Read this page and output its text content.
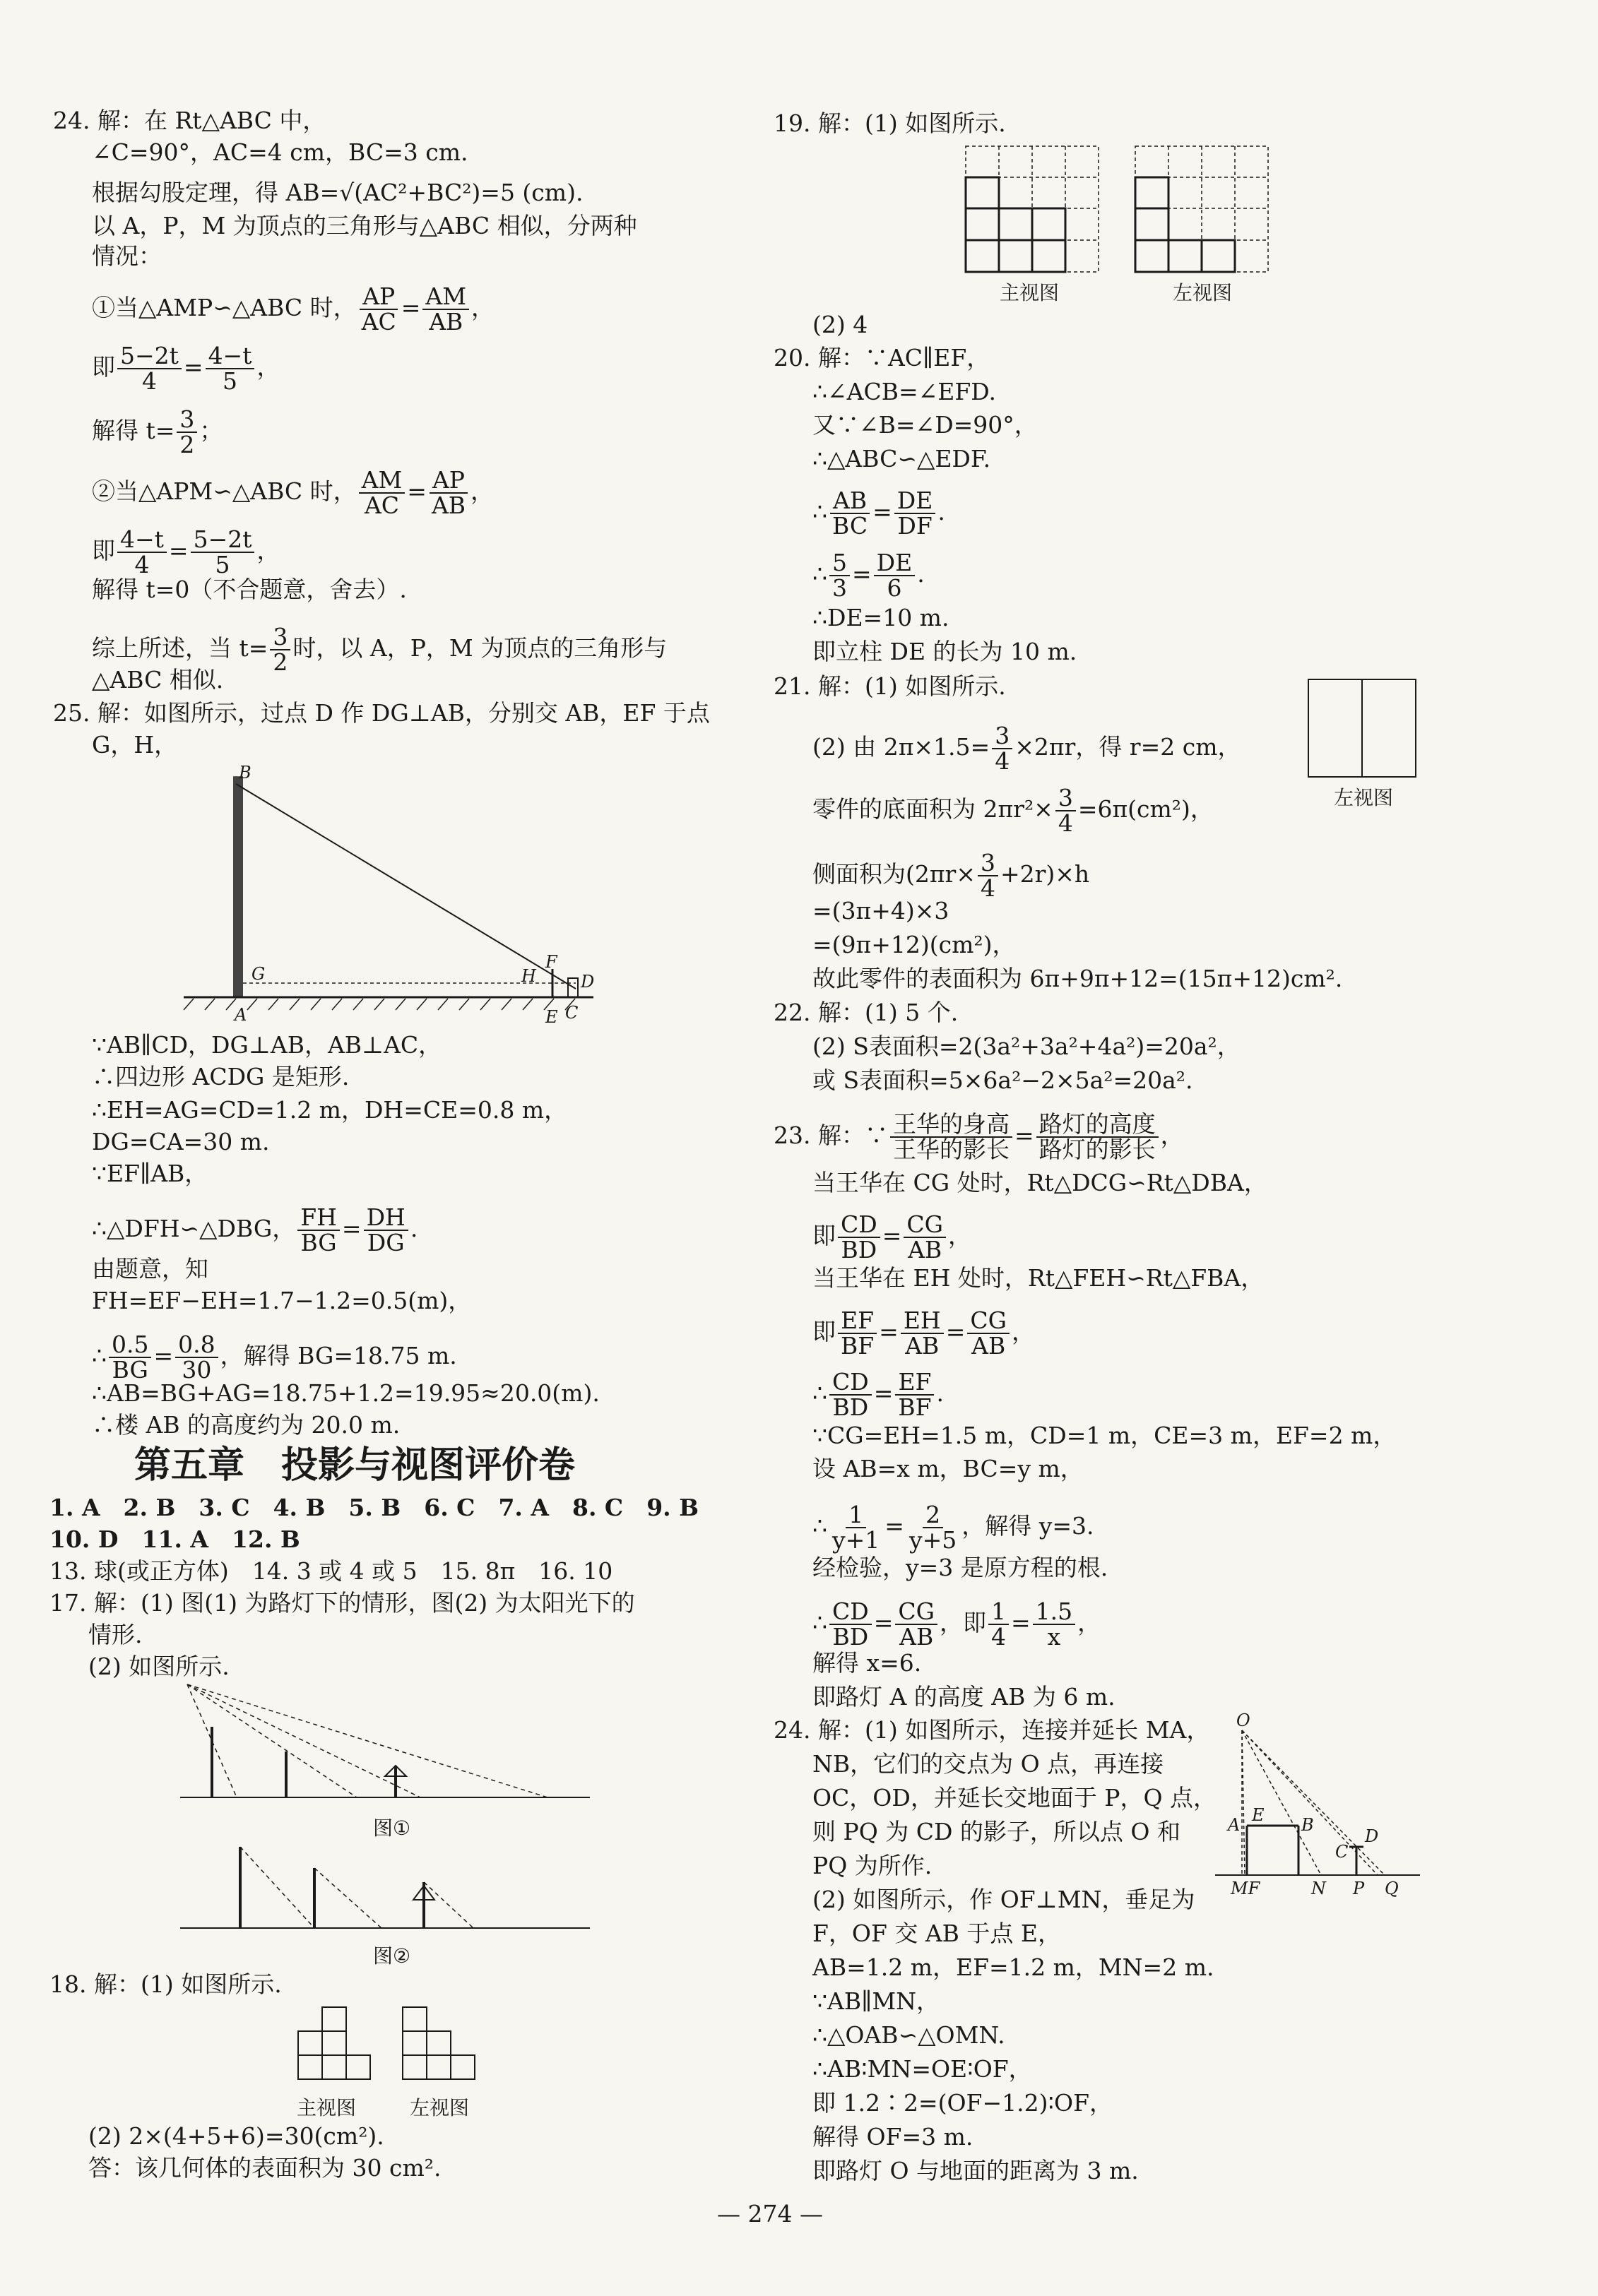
24. 解：在 Rt△ABC 中，
∠C=90°，AC=4 cm，BC=3 cm.
根据勾股定理，得 AB=√(AC²+BC²)=5 (cm).
以 A，P，M 为顶点的三角形与△ABC 相似，分两种
情况：
①当△AMP∽△ABC 时， $\frac{AP}{AC} = \frac{AM}{AB}$ ，
即 $\frac{5-2t}{4} = \frac{4-t}{5}$ ，
解得 $t= \frac{3}{2}$ ；
②当△APM∽△ABC 时， $\frac{AM}{AC} = \frac{AP}{AB}$ ，
即 $\frac{4-t}{4} = \frac{5-2t}{5}$ ，
解得 t=0（不合题意，舍去）.
综上所述，当 $t= \frac{3}{2}$ 时，以 A，P，M 为顶点的三角形与
△ABC 相似.
25. 解：如图所示，过点 D 作 DG⊥AB，分别交 AB，EF 于点
G，H，
B
G	H
F
D
A	E C
∵AB∥CD，DG⊥AB，AB⊥AC，
∴四边形 ACDG 是矩形.
∴EH=AG=CD=1.2 m，DH=CE=0.8 m，
DG=CA=30 m.
∵EF∥AB，
∴△DFH∽△DBG， $\frac{FH}{BG} = \frac{DH}{DG}$ .
由题意，知
FH=EF−EH=1.7−1.2=0.5(m)，
∴ $\frac{0.5}{BG} = \frac{0.8}{30}$ ，解得 BG=18.75 m.
∴AB=BG+AG=18.75+1.2=19.95≈20.0(m).
∴楼 AB 的高度约为 20.0 m.
第五章　投影与视图评价卷
1. A　2. B　3. C　4. B　5. B　6. C　7. A　8. C　9. B
10. D　11. A　12. B
13. 球(或正方体)　14. 3 或 4 或 5　15. 8π　16. 10
17. 解：(1) 图(1) 为路灯下的情形，图(2) 为太阳光下的
情形.
(2) 如图所示.
图①
图②
18. 解：(1) 如图所示.
主视图	左视图
(2) 2×(4+5+6)=30(cm²).
答：该几何体的表面积为 30 cm².
19. 解：(1) 如图所示.
主视图	左视图
(2) 4
20. 解：∵AC∥EF，
∴∠ACB=∠EFD.
又∵∠B=∠D=90°，
∴△ABC∽△EDF.
∴ $\frac{AB}{BC} = \frac{DE}{DF}$ .
∴ $\frac{5}{3} = \frac{DE}{6}$ .
∴DE=10 m.
即立柱 DE 的长为 10 m.
21. 解：(1) 如图所示.
左视图
(2) 由 $2\pi\times 1.5= \frac{3}{4} \times 2\pi r$，得 r=2 cm，
零件的底面积为 $2\pi r^2\times \frac{3}{4} =6\pi(cm^2)$，
侧面积为$(2\pi r\times \frac{3}{4} +2r)\times h$
=(3π+4)×3
=(9π+12)(cm²)，
故此零件的表面积为 6π+9π+12=(15π+12)cm².
22. 解：(1) 5 个.
(2) S表面积=2(3a²+3a²+4a²)=20a²，
或 S表面积=5×6a²−2×5a²=20a².
23. 解：∵ 王华的身高
王华的影长
= 路灯的高度
路灯的影长
，
当王华在 CG 处时，Rt△DCG∽Rt△DBA，
即 $\frac{CD}{BD} = \frac{CG}{AB}$ ，
当王华在 EH 处时，Rt△FEH∽Rt△FBA，
即 $\frac{EF}{BF} = \frac{EH}{AB} = \frac{CG}{AB}$ ，
∴ $\frac{CD}{BD} = \frac{EF}{BF}$ .
∵CG=EH=1.5 m，CD=1 m，CE=3 m，EF=2 m，
设 AB=x m，BC=y m，
∴ $\frac{1}{y+1} = \frac{2}{y+5}$ ，解得 y=3.
经检验，y=3 是原方程的根.
∴ $\frac{CD}{BD} = \frac{CG}{AB}$ ，即 $\frac{1}{4} = \frac{1.5}{x}$ ，
解得 x=6.
即路灯 A 的高度 AB 为 6 m.
24. 解：(1) 如图所示，连接并延长 MA，
NB，它们的交点为 O 点，再连接
OC，OD，并延长交地面于 P，Q 点，
则 PQ 为 CD 的影子，所以点 O 和
PQ 为所作.
(2) 如图所示，作 OF⊥MN，垂足为
F，OF 交 AB 于点 E，
AB=1.2 m，EF=1.2 m，MN=2 m.
∵AB∥MN，
∴△OAB∽△OMN.
∴AB∶MN=OE∶OF，
即 1.2∶2=(OF−1.2)∶OF，
解得 OF=3 m.
即路灯 O 与地面的距离为 3 m.
O
A E B
C
D
MF	N P Q
— 274 —
